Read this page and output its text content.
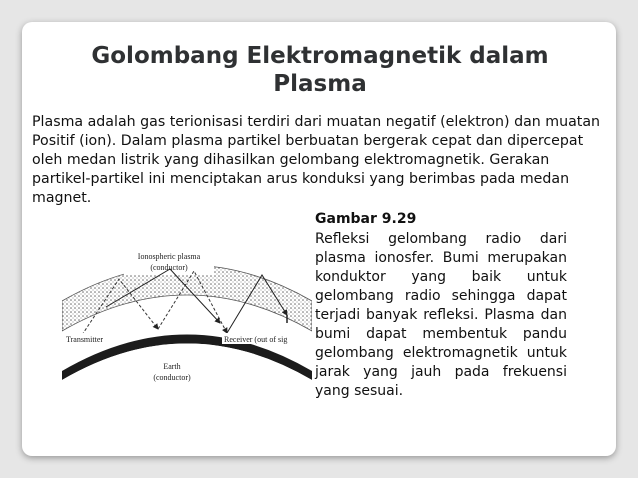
Golombang Elektromagnetik dalam Plasma
Plasma adalah gas terionisasi terdiri dari muatan negatif (elektron) dan muatan Positif (ion). Dalam plasma partikel berbuatan bergerak cepat dan dipercepat oleh medan listrik yang dihasilkan gelombang elektromagnetik. Gerakan partikel-partikel ini menciptakan arus konduksi yang berimbas pada medan magnet.
Ionospheric plasma
(conductor)
Earth
(conductor)
Transmitter	Receiver (out of sig
Gambar 9.29
Refleksi gelombang radio dari plasma ionosfer. Bumi merupakan konduktor yang baik untuk gelombang radio sehingga dapat terjadi banyak refleksi. Plasma dan bumi dapat membentuk pandu gelombang elektromagnetik untuk jarak yang jauh pada frekuensi yang sesuai.
